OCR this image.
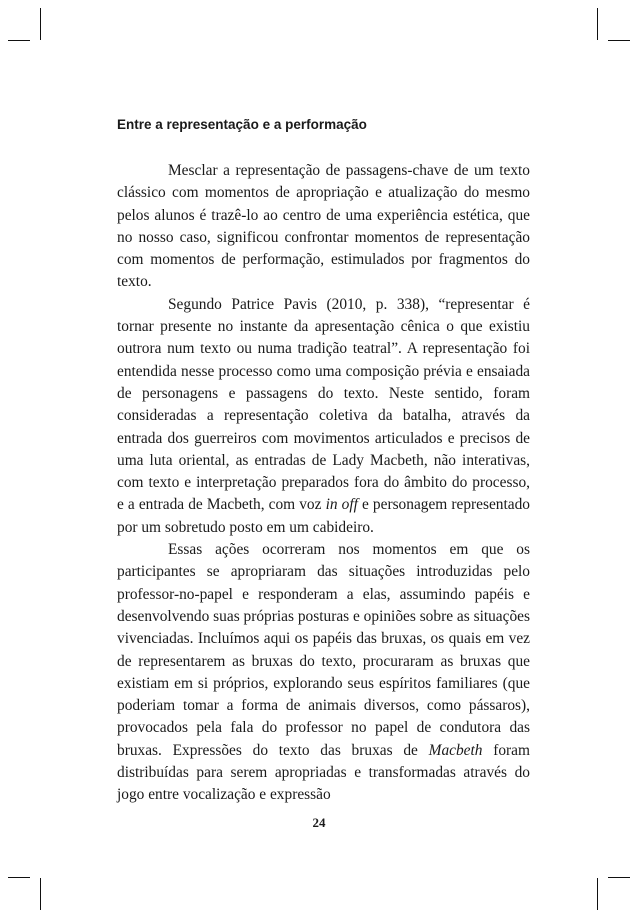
Entre a representação e a performação

Mesclar a representação de passagens-chave de um texto clássico com momentos de apropriação e atualização do mesmo pelos alunos é trazê-lo ao centro de uma experiência estética, que no nosso caso, significou confrontar momentos de representação com momentos de performação, estimulados por fragmentos do texto.

Segundo Patrice Pavis (2010, p. 338), “representar é tornar presente no instante da apresentação cênica o que existiu outrora num texto ou numa tradição teatral”. A representação foi entendida nesse processo como uma composição prévia e ensaiada de personagens e passagens do texto. Neste sentido, foram consideradas a representação coletiva da batalha, através da entrada dos guerreiros com movimentos articulados e precisos de uma luta oriental, as entradas de Lady Macbeth, não interativas, com texto e interpretação preparados fora do âmbito do processo, e a entrada de Macbeth, com voz in off e personagem representado por um sobretudo posto em um cabideiro.

Essas ações ocorreram nos momentos em que os participantes se apropriaram das situações introduzidas pelo professor-no-papel e responderam a elas, assumindo papéis e desenvolvendo suas próprias posturas e opiniões sobre as situações vivenciadas. Incluímos aqui os papéis das bruxas, os quais em vez de representarem as bruxas do texto, procuraram as bruxas que existiam em si próprios, explorando seus espíritos familiares (que poderiam tomar a forma de animais diversos, como pássaros), provocados pela fala do professor no papel de condutora das bruxas. Expressões do texto das bruxas de Macbeth foram distribuídas para serem apropriadas e transformadas através do jogo entre vocalização e expressão

24
